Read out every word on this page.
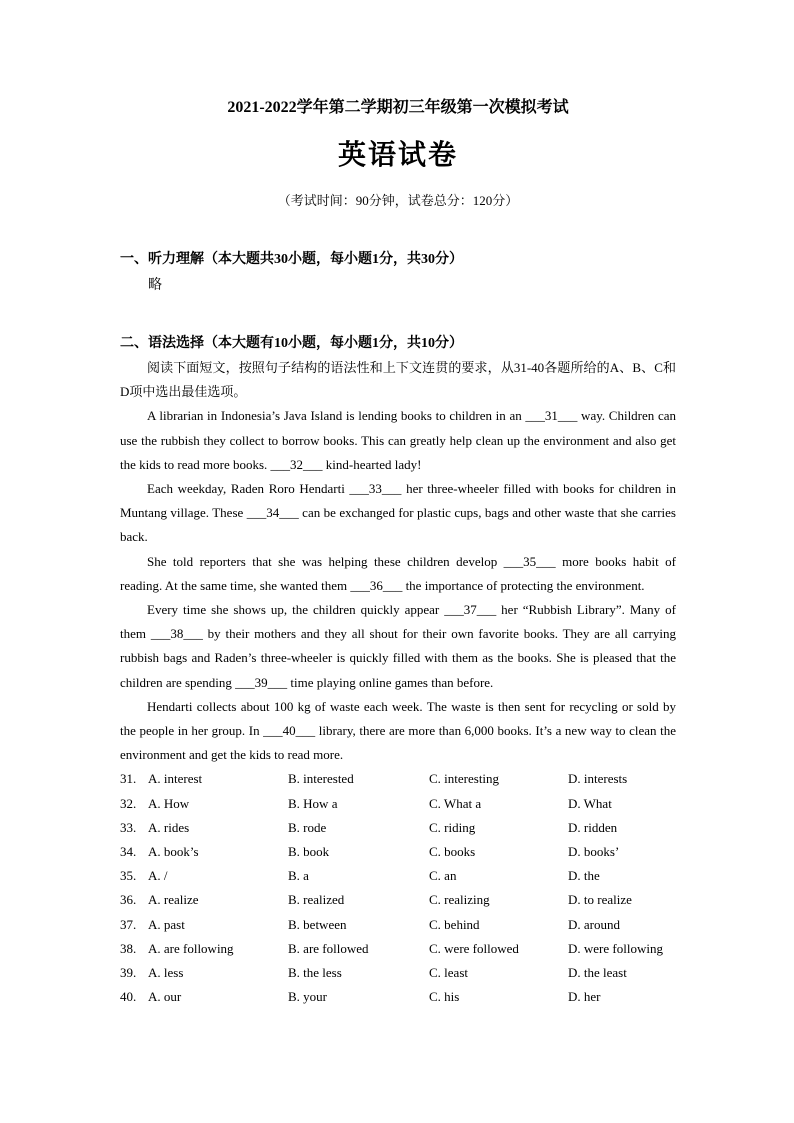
2021-2022学年第二学期初三年级第一次模拟考试
英语试卷
（考试时间：90分钟，试卷总分：120分）
一、听力理解（本大题共30小题，每小题1分，共30分）
略
二、语法选择（本大题有10小题，每小题1分，共10分）

阅读下面短文，按照句子结构的语法性和上下文连贯的要求，从31-40各题所给的A、B、C和D项中选出最佳选项。

A librarian in Indonesia’s Java Island is lending books to children in an ___31___ way. Children can use the rubbish they collect to borrow books. This can greatly help clean up the environment and also get the kids to read more books. ___32___ kind-hearted lady!

Each weekday, Raden Roro Hendarti ___33___ her three-wheeler filled with books for children in Muntang village. These ___34___ can be exchanged for plastic cups, bags and other waste that she carries back.

She told reporters that she was helping these children develop ___35___ more books habit of reading. At the same time, she wanted them ___36___ the importance of protecting the environment.

Every time she shows up, the children quickly appear ___37___ her “Rubbish Library”. Many of them ___38___ by their mothers and they all shout for their own favorite books. They are all carrying rubbish bags and Raden’s three-wheeler is quickly filled with them as the books. She is pleased that the children are spending ___39___ time playing online games than before.

Hendarti collects about 100 kg of waste each week. The waste is then sent for recycling or sold by the people in her group. In ___40___ library, there are more than 6,000 books. It’s a new way to clean the environment and get the kids to read more.

31. A. interest	B. interested	C. interesting	D. interests
32. A. How	B. How a	C. What a	D. What
33. A. rides	B. rode	C. riding	D. ridden
34. A. book’s	B. book	C. books	D. books’
35. A. /	B. a	C. an	D. the
36. A. realize	B. realized	C. realizing	D. to realize
37. A. past	B. between	C. behind	D. around
38. A. are following	B. are followed	C. were followed	D. were following
39. A. less	B. the less	C. least	D. the least
40. A. our	B. your	C. his	D. her
